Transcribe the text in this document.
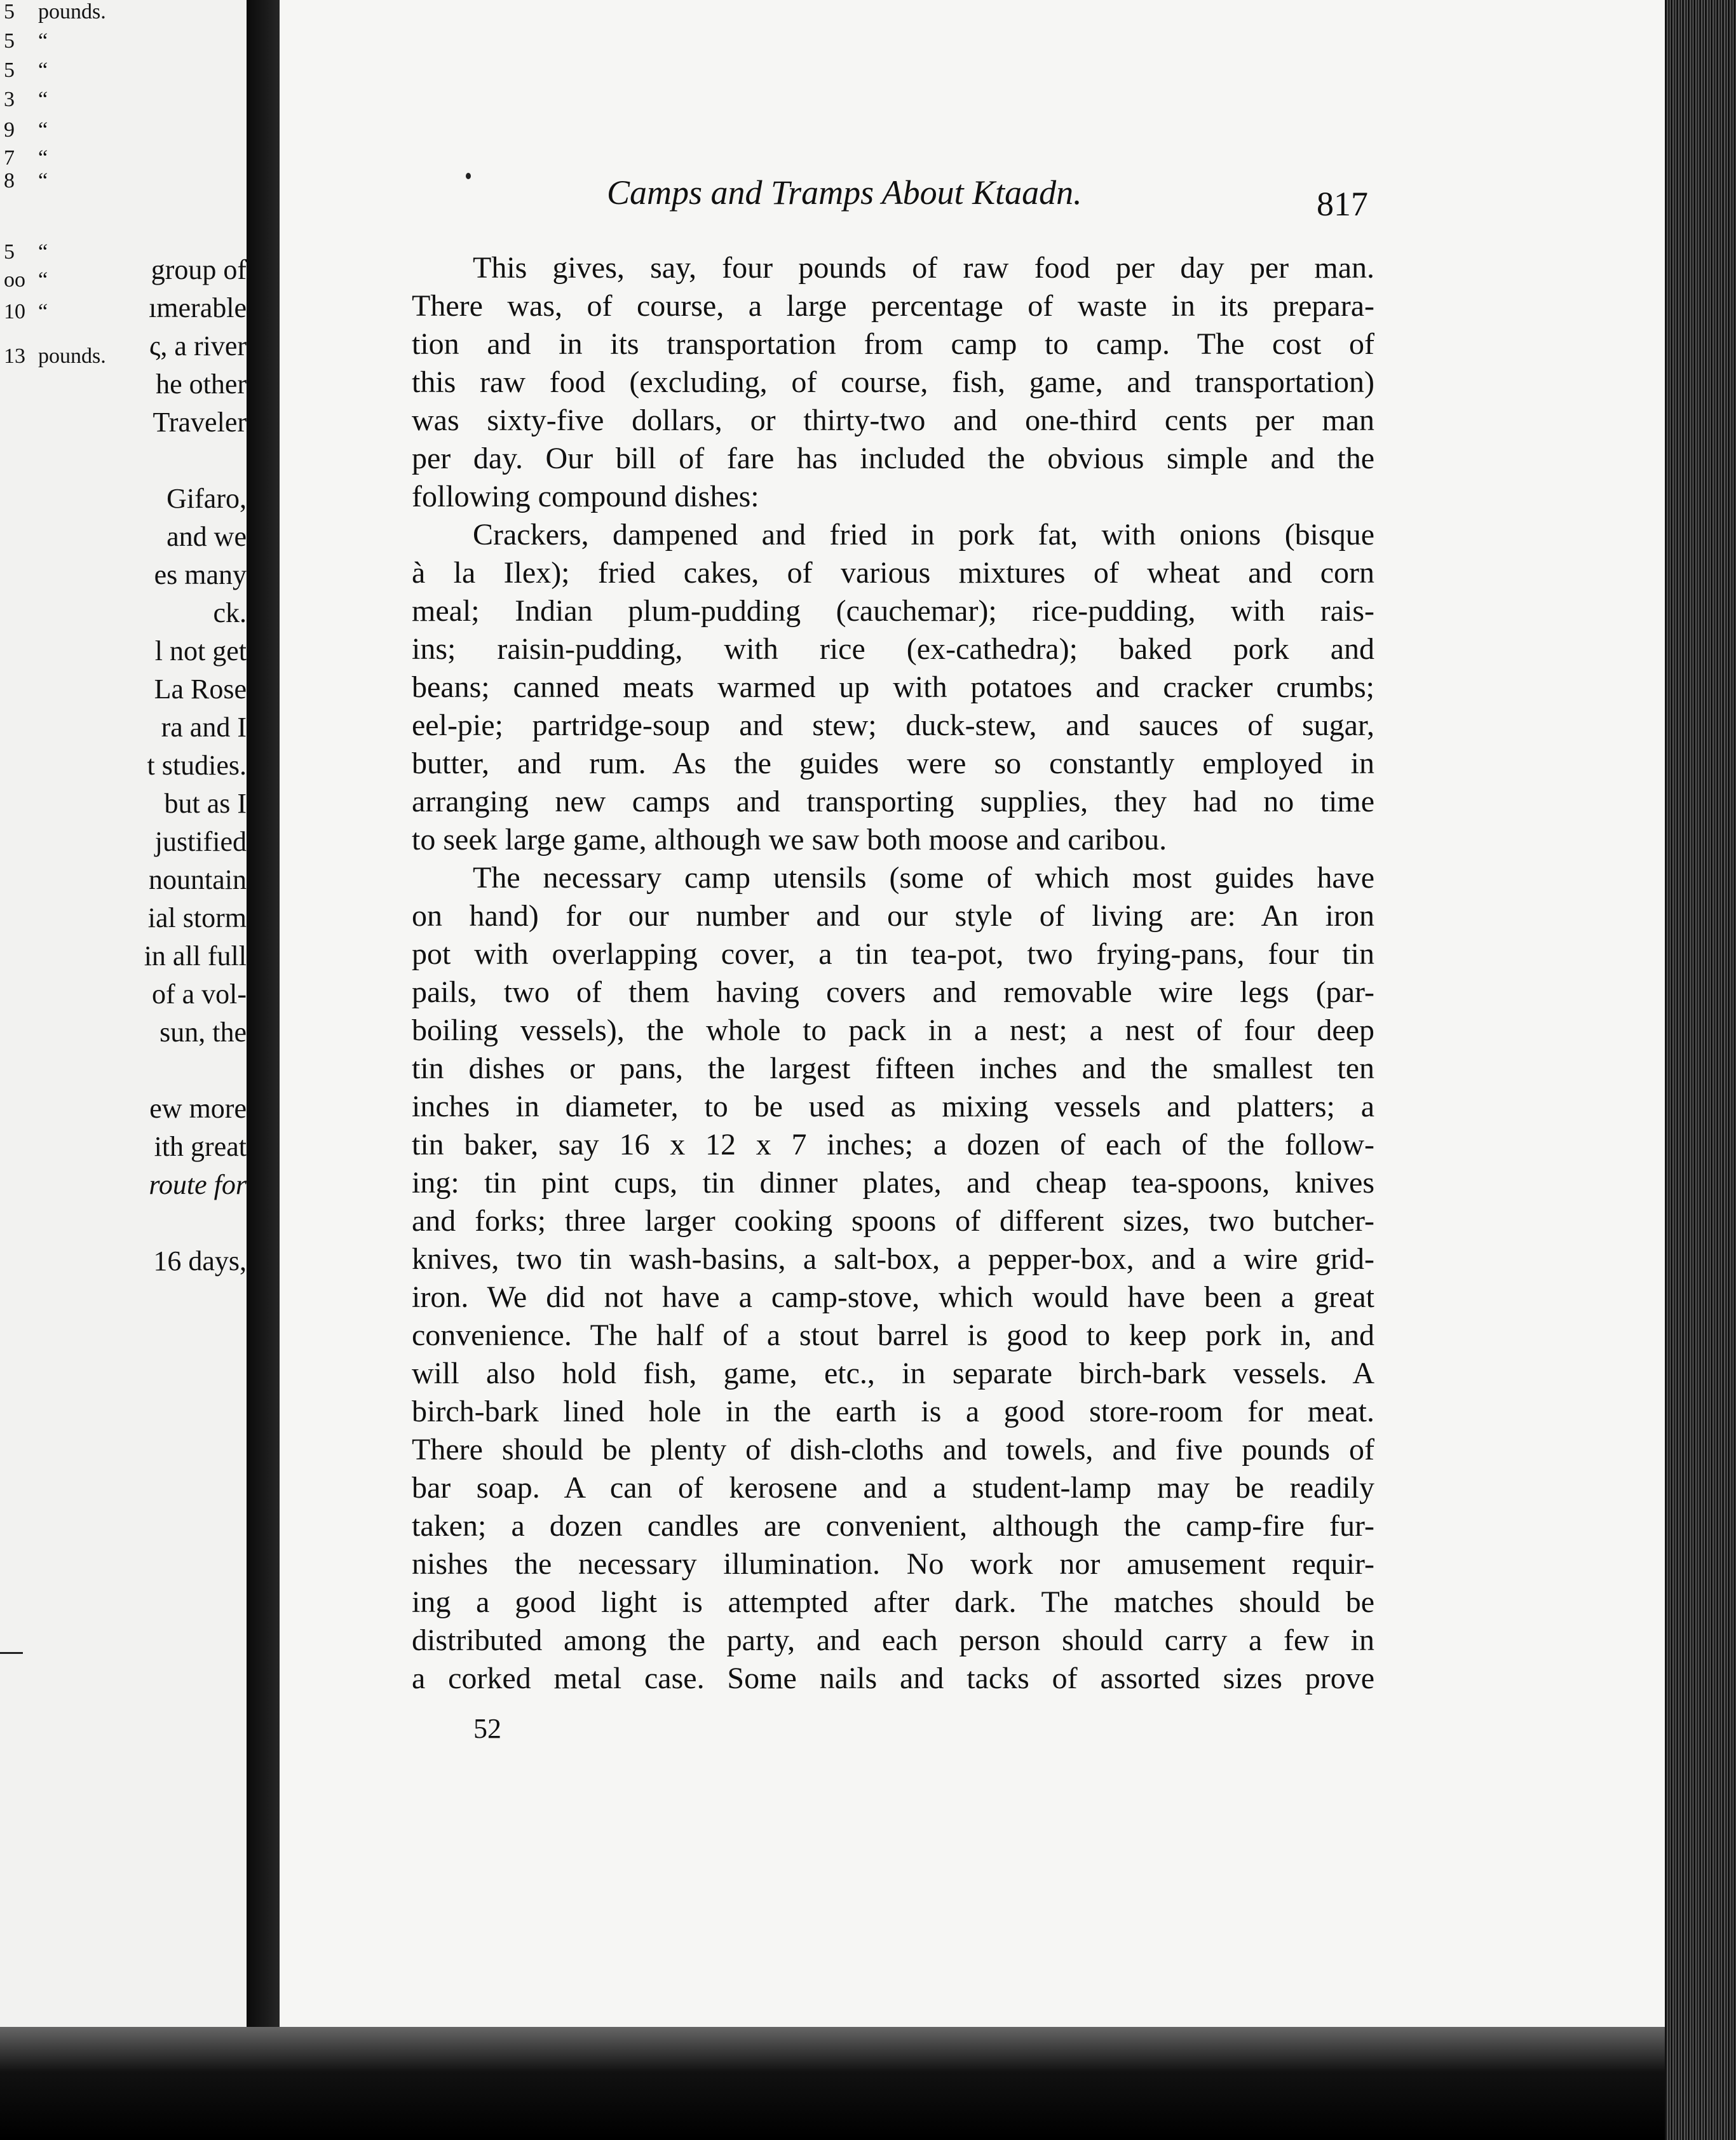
group of
ımerable
ς, a river
he other
Traveler
Gifaro,
and we
es many
ck.
l not get
La Rose
ra and I
t studies.
but as I
justified
nountain
ial storm
in all full
of a vol-
sun, the
ew more
ith great
route for
16 days,
5 pounds.
5 “
5 “
3 “
9 “
7 “
8 “
5 “
oo “
10 “
13 pounds.
Camps and Tramps About Ktaadn.	817
This gives, say, four pounds of raw food per day per man.
There was, of course, a large percentage of waste in its prepara-
tion and in its transportation from camp to camp. The cost of
this raw food (excluding, of course, fish, game, and transportation)
was sixty-five dollars, or thirty-two and one-third cents per man
per day. Our bill of fare has included the obvious simple and the
following compound dishes:
Crackers, dampened and fried in pork fat, with onions (bisque
à la Ilex); fried cakes, of various mixtures of wheat and corn
meal; Indian plum-pudding (cauchemar); rice-pudding, with rais-
ins; raisin-pudding, with rice (ex-cathedra); baked pork and
beans; canned meats warmed up with potatoes and cracker crumbs;
eel-pie; partridge-soup and stew; duck-stew, and sauces of sugar,
butter, and rum. As the guides were so constantly employed in
arranging new camps and transporting supplies, they had no time
to seek large game, although we saw both moose and caribou.
The necessary camp utensils (some of which most guides have
on hand) for our number and our style of living are: An iron
pot with overlapping cover, a tin tea-pot, two frying-pans, four tin
pails, two of them having covers and removable wire legs (par-
boiling vessels), the whole to pack in a nest; a nest of four deep
tin dishes or pans, the largest fifteen inches and the smallest ten
inches in diameter, to be used as mixing vessels and platters; a
tin baker, say 16 x 12 x 7 inches; a dozen of each of the follow-
ing: tin pint cups, tin dinner plates, and cheap tea-spoons, knives
and forks; three larger cooking spoons of different sizes, two butcher-
knives, two tin wash-basins, a salt-box, a pepper-box, and a wire grid-
iron. We did not have a camp-stove, which would have been a great
convenience. The half of a stout barrel is good to keep pork in, and
will also hold fish, game, etc., in separate birch-bark vessels. A
birch-bark lined hole in the earth is a good store-room for meat.
There should be plenty of dish-cloths and towels, and five pounds of
bar soap. A can of kerosene and a student-lamp may be readily
taken; a dozen candles are convenient, although the camp-fire fur-
nishes the necessary illumination. No work nor amusement requir-
ing a good light is attempted after dark. The matches should be
distributed among the party, and each person should carry a few in
a corked metal case. Some nails and tacks of assorted sizes prove
52
